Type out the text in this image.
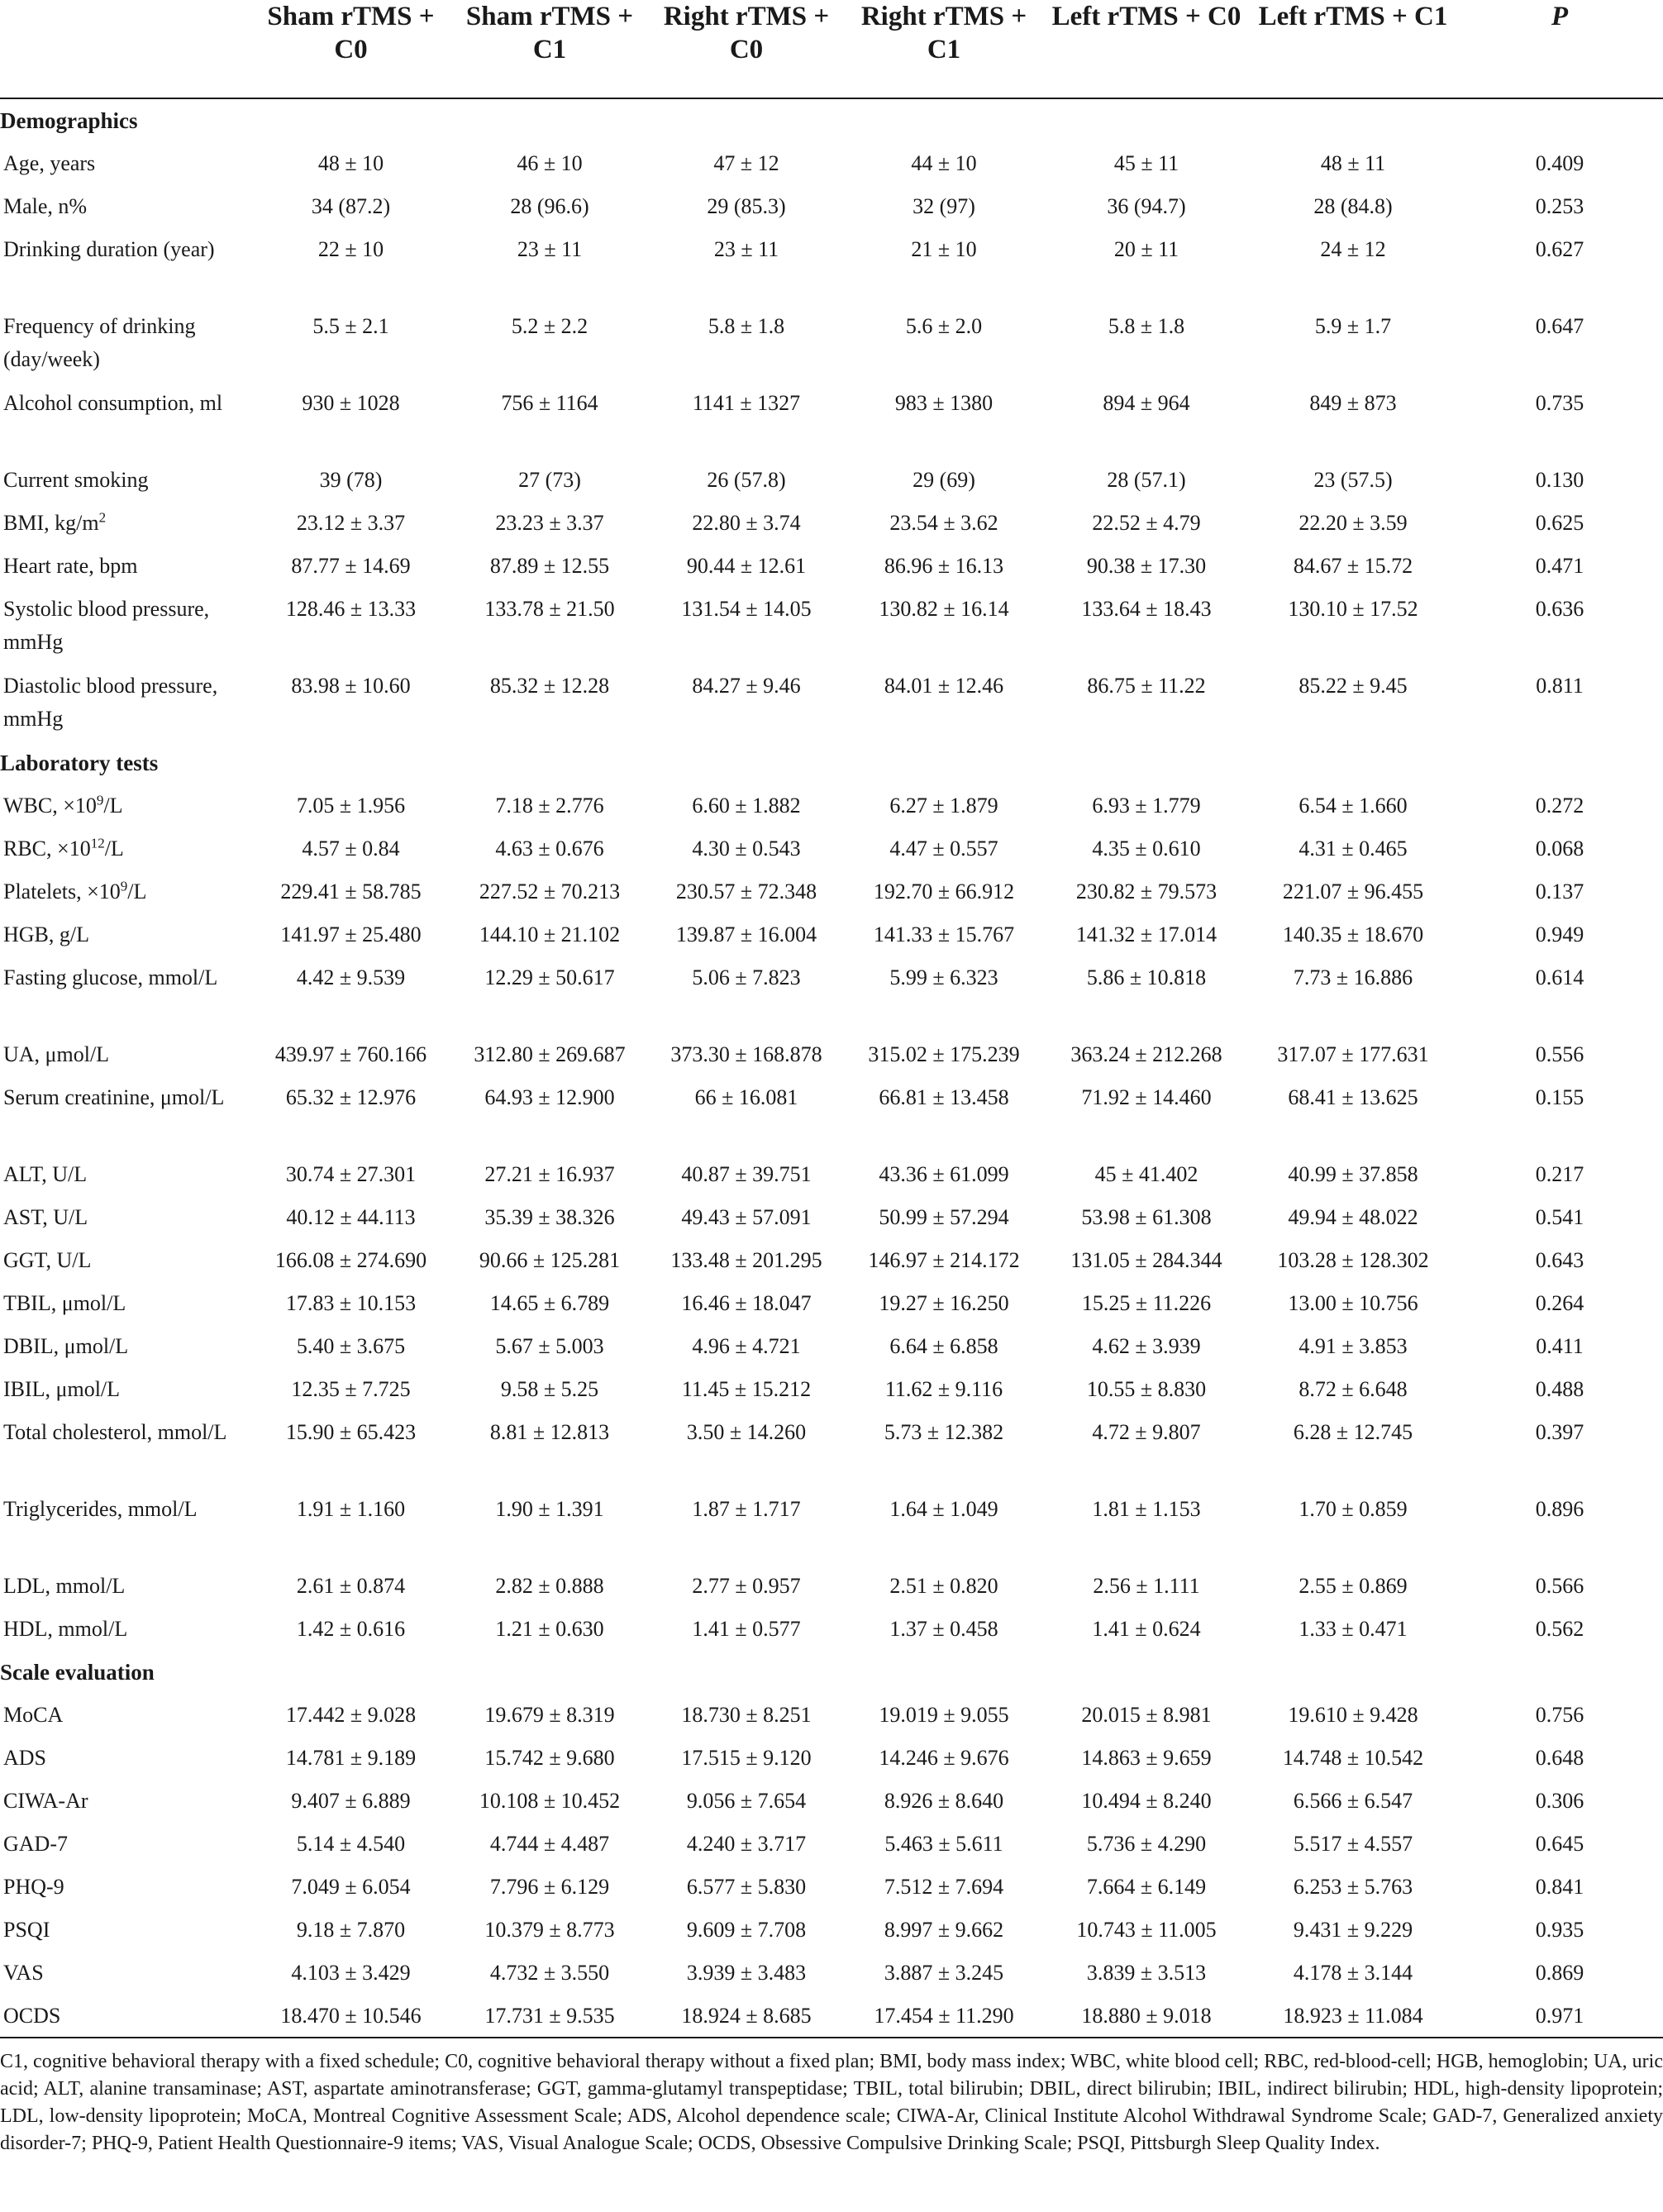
	Sham rTMS + C0	Sham rTMS + C1	Right rTMS + C0	Right rTMS + C1	Left rTMS + C0	Left rTMS + C1	P
Demographics							
Age, years	48 ± 10	46 ± 10	47 ± 12	44 ± 10	45 ± 11	48 ± 11	0.409
Male, n%	34 (87.2)	28 (96.6)	29 (85.3)	32 (97)	36 (94.7)	28 (84.8)	0.253
Drinking duration (year)	22 ± 10	23 ± 11	23 ± 11	21 ± 10	20 ± 11	24 ± 12	0.627
Frequency of drinking (day/week)	5.5 ± 2.1	5.2 ± 2.2	5.8 ± 1.8	5.6 ± 2.0	5.8 ± 1.8	5.9 ± 1.7	0.647
Alcohol consumption, ml	930 ± 1028	756 ± 1164	1141 ± 1327	983 ± 1380	894 ± 964	849 ± 873	0.735
Current smoking	39 (78)	27 (73)	26 (57.8)	29 (69)	28 (57.1)	23 (57.5)	0.130
BMI, $kg/m^2$	23.12 ± 3.37	23.23 ± 3.37	22.80 ± 3.74	23.54 ± 3.62	22.52 ± 4.79	22.20 ± 3.59	0.625
Heart rate, bpm	87.77 ± 14.69	87.89 ± 12.55	90.44 ± 12.61	86.96 ± 16.13	90.38 ± 17.30	84.67 ± 15.72	0.471
Systolic blood pressure, mmHg	128.46 ± 13.33	133.78 ± 21.50	131.54 ± 14.05	130.82 ± 16.14	133.64 ± 18.43	130.10 ± 17.52	0.636
Diastolic blood pressure, mmHg	83.98 ± 10.60	85.32 ± 12.28	84.27 ± 9.46	84.01 ± 12.46	86.75 ± 11.22	85.22 ± 9.45	0.811
Laboratory tests							
WBC, $\times 10^9/L$	7.05 ± 1.956	7.18 ± 2.776	6.60 ± 1.882	6.27 ± 1.879	6.93 ± 1.779	6.54 ± 1.660	0.272
RBC, $\times 10^{12}/L$	4.57 ± 0.84	4.63 ± 0.676	4.30 ± 0.543	4.47 ± 0.557	4.35 ± 0.610	4.31 ± 0.465	0.068
Platelets, $\times 10^9/L$	229.41 ± 58.785	227.52 ± 70.213	230.57 ± 72.348	192.70 ± 66.912	230.82 ± 79.573	221.07 ± 96.455	0.137
HGB, g/L	141.97 ± 25.480	144.10 ± 21.102	139.87 ± 16.004	141.33 ± 15.767	141.32 ± 17.014	140.35 ± 18.670	0.949
Fasting glucose, mmol/L	4.42 ± 9.539	12.29 ± 50.617	5.06 ± 7.823	5.99 ± 6.323	5.86 ± 10.818	7.73 ± 16.886	0.614
UA, μmol/L	439.97 ± 760.166	312.80 ± 269.687	373.30 ± 168.878	315.02 ± 175.239	363.24 ± 212.268	317.07 ± 177.631	0.556
Serum creatinine, μmol/L	65.32 ± 12.976	64.93 ± 12.900	66 ± 16.081	66.81 ± 13.458	71.92 ± 14.460	68.41 ± 13.625	0.155
ALT, U/L	30.74 ± 27.301	27.21 ± 16.937	40.87 ± 39.751	43.36 ± 61.099	45 ± 41.402	40.99 ± 37.858	0.217
AST, U/L	40.12 ± 44.113	35.39 ± 38.326	49.43 ± 57.091	50.99 ± 57.294	53.98 ± 61.308	49.94 ± 48.022	0.541
GGT, U/L	166.08 ± 274.690	90.66 ± 125.281	133.48 ± 201.295	146.97 ± 214.172	131.05 ± 284.344	103.28 ± 128.302	0.643
TBIL, μmol/L	17.83 ± 10.153	14.65 ± 6.789	16.46 ± 18.047	19.27 ± 16.250	15.25 ± 11.226	13.00 ± 10.756	0.264
DBIL, μmol/L	5.40 ± 3.675	5.67 ± 5.003	4.96 ± 4.721	6.64 ± 6.858	4.62 ± 3.939	4.91 ± 3.853	0.411
IBIL, μmol/L	12.35 ± 7.725	9.58 ± 5.25	11.45 ± 15.212	11.62 ± 9.116	10.55 ± 8.830	8.72 ± 6.648	0.488
Total cholesterol, mmol/L	15.90 ± 65.423	8.81 ± 12.813	3.50 ± 14.260	5.73 ± 12.382	4.72 ± 9.807	6.28 ± 12.745	0.397
Triglycerides, mmol/L	1.91 ± 1.160	1.90 ± 1.391	1.87 ± 1.717	1.64 ± 1.049	1.81 ± 1.153	1.70 ± 0.859	0.896
LDL, mmol/L	2.61 ± 0.874	2.82 ± 0.888	2.77 ± 0.957	2.51 ± 0.820	2.56 ± 1.111	2.55 ± 0.869	0.566
HDL, mmol/L	1.42 ± 0.616	1.21 ± 0.630	1.41 ± 0.577	1.37 ± 0.458	1.41 ± 0.624	1.33 ± 0.471	0.562
Scale evaluation							
MoCA	17.442 ± 9.028	19.679 ± 8.319	18.730 ± 8.251	19.019 ± 9.055	20.015 ± 8.981	19.610 ± 9.428	0.756
ADS	14.781 ± 9.189	15.742 ± 9.680	17.515 ± 9.120	14.246 ± 9.676	14.863 ± 9.659	14.748 ± 10.542	0.648
CIWA-Ar	9.407 ± 6.889	10.108 ± 10.452	9.056 ± 7.654	8.926 ± 8.640	10.494 ± 8.240	6.566 ± 6.547	0.306
GAD-7	5.14 ± 4.540	4.744 ± 4.487	4.240 ± 3.717	5.463 ± 5.611	5.736 ± 4.290	5.517 ± 4.557	0.645
PHQ-9	7.049 ± 6.054	7.796 ± 6.129	6.577 ± 5.830	7.512 ± 7.694	7.664 ± 6.149	6.253 ± 5.763	0.841
PSQI	9.18 ± 7.870	10.379 ± 8.773	9.609 ± 7.708	8.997 ± 9.662	10.743 ± 11.005	9.431 ± 9.229	0.935
VAS	4.103 ± 3.429	4.732 ± 3.550	3.939 ± 3.483	3.887 ± 3.245	3.839 ± 3.513	4.178 ± 3.144	0.869
OCDS	18.470 ± 10.546	17.731 ± 9.535	18.924 ± 8.685	17.454 ± 11.290	18.880 ± 9.018	18.923 ± 11.084	0.971
C1, cognitive behavioral therapy with a fixed schedule; C0, cognitive behavioral therapy without a fixed plan; BMI, body mass index; WBC, white blood cell; RBC, red-blood-cell; HGB, hemoglobin; UA, uric acid; ALT, alanine transaminase; AST, aspartate aminotransferase; GGT, gamma-glutamyl transpeptidase; TBIL, total bilirubin; DBIL, direct bilirubin; IBIL, indirect bilirubin; HDL, high-density lipoprotein; LDL, low-density lipoprotein; MoCA, Montreal Cognitive Assessment Scale; ADS, Alcohol dependence scale; CIWA-Ar, Clinical Institute Alcohol Withdrawal Syndrome Scale; GAD-7, Generalized anxiety disorder-7; PHQ-9, Patient Health Questionnaire-9 items; VAS, Visual Analogue Scale; OCDS, Obsessive Compulsive Drinking Scale; PSQI, Pittsburgh Sleep Quality Index.
